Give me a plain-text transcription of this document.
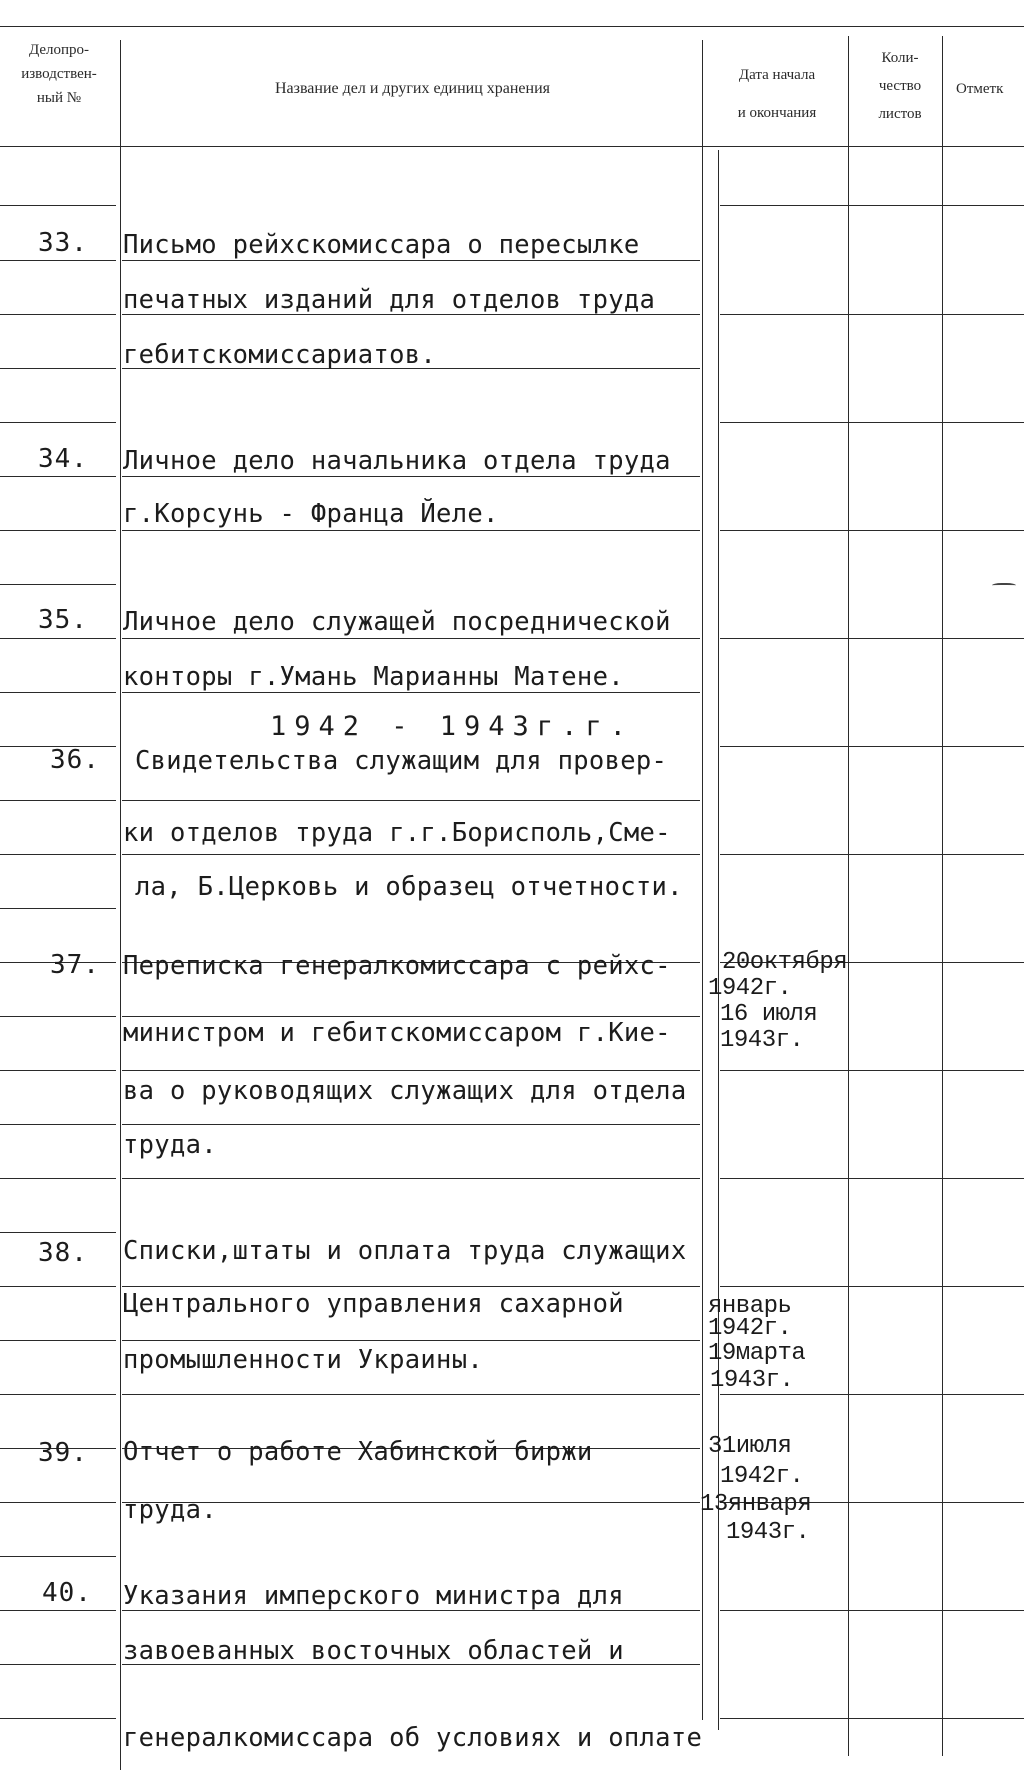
Делопро-
изводствен-
ный №
Название дел и других единиц хранения
Дата начала
и окончания
Коли-
чество
листов
Отметк
33. Письмо рейхскомиссара о пересылке
печатных изданий для отделов труда
гебитскомиссариатов.
34. Личное дело начальника отдела труда
г.Корсунь - Франца Йеле.
35. Личное дело служащей посреднической
конторы г.Умань Марианны Матене.
1942 - 1943г.г.
36. Свидетельства служащим для провер-
ки отделов труда г.г.Борисполь,Сме-
ла, Б.Церковь и образец отчетности.
37. Переписка генералкомиссара с рейхс-
министром и гебитскомиссаром г.Кие-
ва о руководящих служащих для отдела
труда.
20октября
1942г.
16 июля
1943г.
38. Списки,штаты и оплата труда служащих
Центрального управления сахарной
промышленности Украины.
январь
1942г.
19марта
1943г.
39. Отчет о работе Хабинской биржи
труда.
31июля
1942г.
13января
1943г.
40. Указания имперского министра для
завоеванных восточных областей и
генералкомиссара об условиях и оплате
